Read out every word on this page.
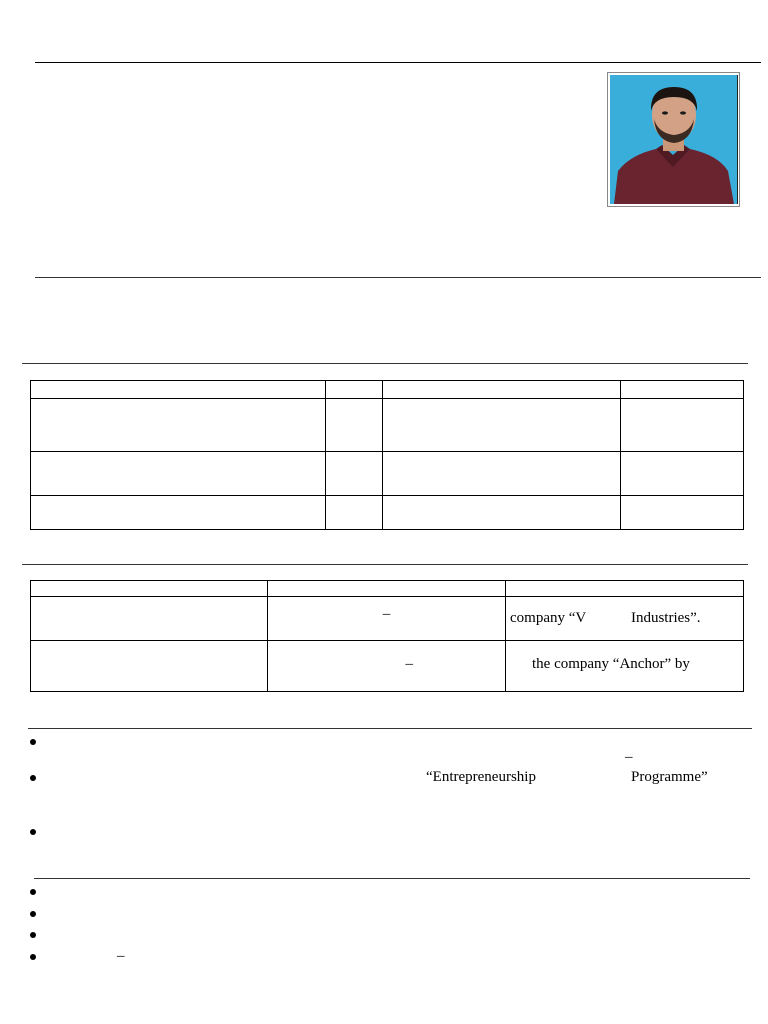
	–	company “V            Industries”.
	–	the company “Anchor” by
–
“Entrepreneurship	Programme”
–
